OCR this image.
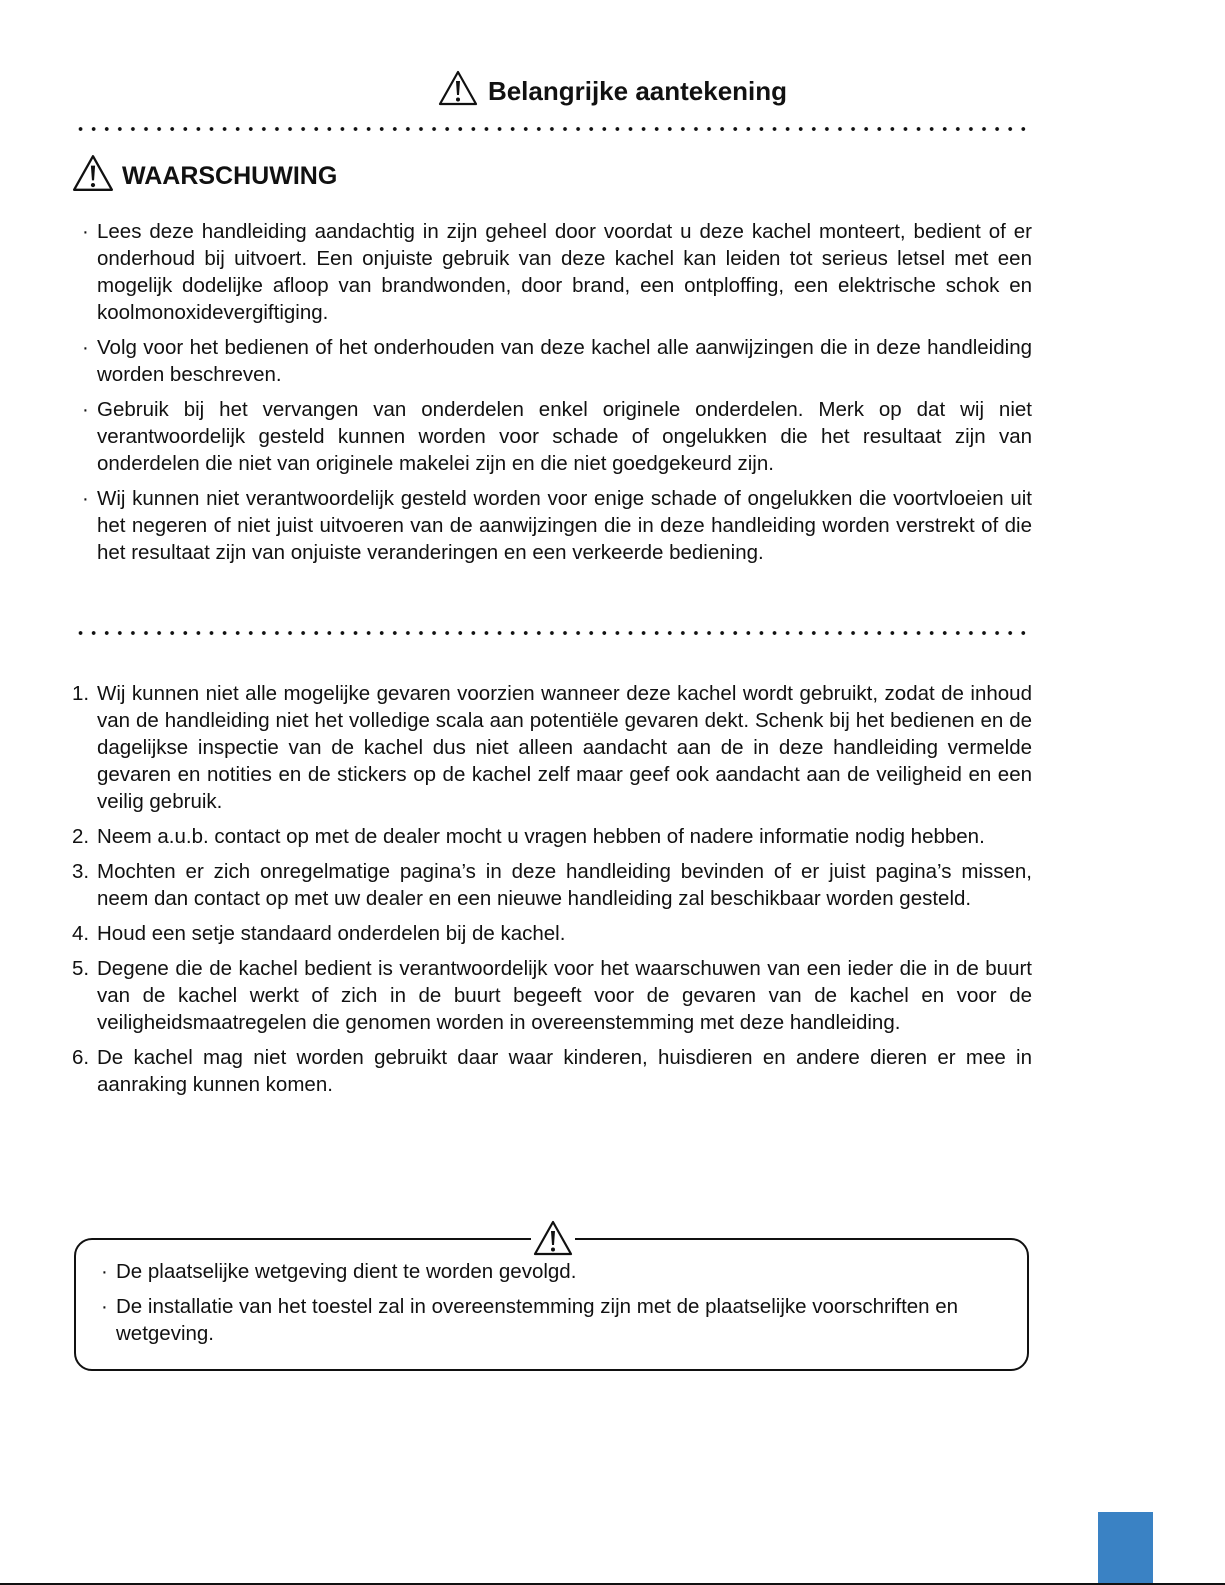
Belangrijke aantekening
WAARSCHUWING
· Lees deze handleiding aandachtig in zijn geheel door voordat u deze kachel monteert, bedient of er onderhoud bij uitvoert. Een onjuiste gebruik van deze kachel kan leiden tot serieus letsel met een mogelijk dodelijke afloop van brandwonden, door brand, een ontploffing, een elektrische schok en koolmonoxidevergiftiging.
· Volg voor het bedienen of het onderhouden van deze kachel alle aanwijzingen die in deze handleiding worden beschreven.
· Gebruik bij het vervangen van onderdelen enkel originele onderdelen. Merk op dat wij niet verantwoordelijk gesteld kunnen worden voor schade of ongelukken die het resultaat zijn van onderdelen die niet van originele makelei zijn en die niet goedgekeurd zijn.
· Wij kunnen niet verantwoordelijk gesteld worden voor enige schade of ongelukken die voortvloeien uit het negeren of niet juist uitvoeren van de aanwijzingen die in deze handleiding worden verstrekt of die het resultaat zijn van onjuiste veranderingen en een verkeerde bediening.
1. Wij kunnen niet alle mogelijke gevaren voorzien wanneer deze kachel wordt gebruikt, zodat de inhoud van de handleiding niet het volledige scala aan potentiële gevaren dekt. Schenk bij het bedienen en de dagelijkse inspectie van de kachel dus niet alleen aandacht aan de in deze handleiding vermelde gevaren en notities en de stickers op de kachel zelf maar geef ook aandacht aan de veiligheid en een veilig gebruik.
2. Neem a.u.b. contact op met de dealer mocht u vragen hebben of nadere informatie nodig hebben.
3. Mochten er zich onregelmatige pagina’s in deze handleiding bevinden of er juist pagina’s missen, neem dan contact op met uw dealer en een nieuwe handleiding zal beschikbaar worden gesteld.
4. Houd een setje standaard onderdelen bij de kachel.
5. Degene die de kachel bedient is verantwoordelijk voor het waarschuwen van een ieder die in de buurt van de kachel werkt of zich in de buurt begeeft voor de gevaren van de kachel en voor de veiligheidsmaatregelen die genomen worden in overeenstemming met deze handleiding.
6. De kachel mag niet worden gebruikt daar waar kinderen, huisdieren en andere dieren er mee in aanraking kunnen komen.
· De plaatselijke wetgeving dient te worden gevolgd.
· De installatie van het toestel zal in overeenstemming zijn met de plaatselijke voorschriften en wetgeving.
